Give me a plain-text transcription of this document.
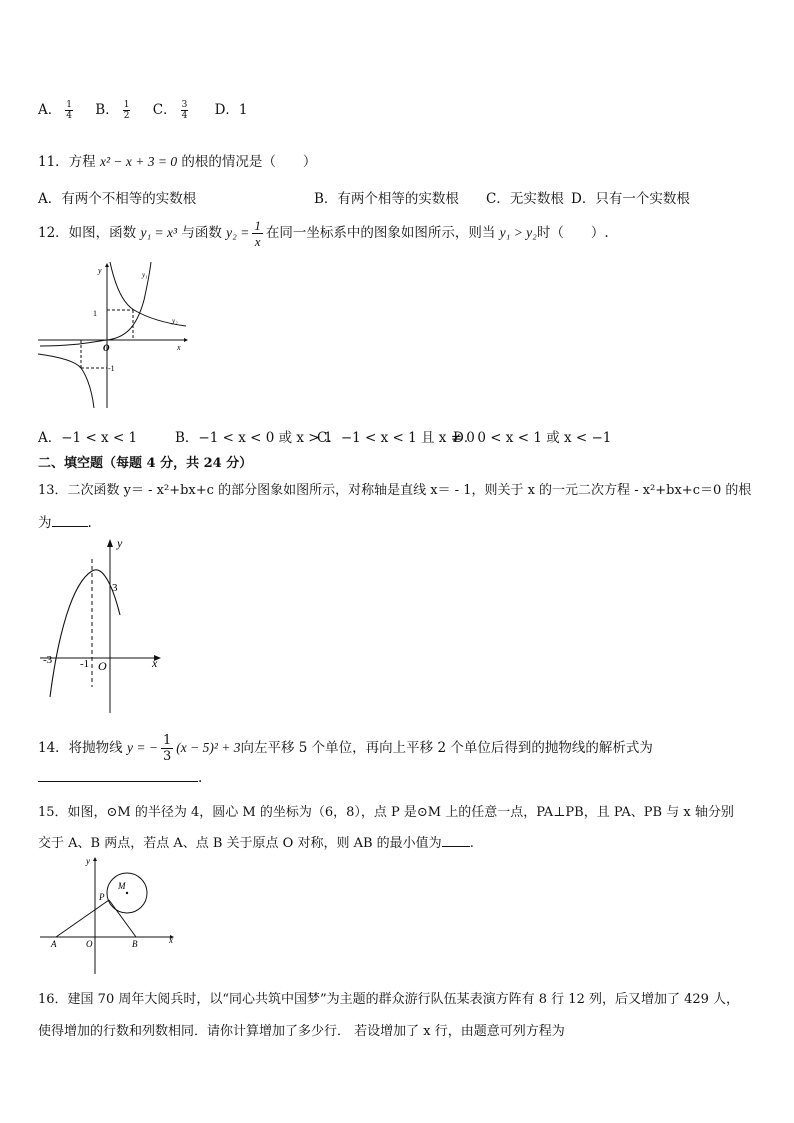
A． $\frac{1}{4}$ B． $\frac{1}{2}$ C． $\frac{3}{4}$ D．1
11．方程 x² − x + 3 = 0 的根的情况是（　　）
A．有两个不相等的实数根	B．有两个相等的实数根 C．无实数根 D．只有一个实数根
12．如图，函数 y₁ = x³ 与函数 $y_2 = \frac{1}{x}$ 在同一坐标系中的图象如图所示，则当 y₁ > y₂时（　　）.
y
x
O
1
-1
y₁
y₂
A．−1 < x < 1	B．−1 < x < 0 或 x > 1
C．−1 < x < 1 且 x ≠ 0
D．0 < x < 1 或 x < −1
二、填空题（每题 4 分，共 24 分）
13．二次函数 y＝ - x²+bx+c 的部分图象如图所示，对称轴是直线 x＝ - 1，则关于 x 的一元二次方程 - x²+bx+c＝0 的根
为	.
y
x
O
3
-3	-1
14．将抛物线 y = − $\frac{1}{3} (x - 5)^2 + 3$向左平移 5 个单位，再向上平移 2 个单位后得到的抛物线的解析式为
.
15．如图，⊙M 的半径为 4，圆心 M 的坐标为（6，8），点 P 是⊙M 上的任意一点，PA⊥PB，且 PA、PB 与 x 轴分别
交于 A、B 两点，若点 A、点 B 关于原点 O 对称，则 AB 的最小值为 .
y
x
O
M
P
A	B
16．建国 70 周年大阅兵时，以“同心共筑中国梦”为主题的群众游行队伍某表演方阵有 8 行 12 列，后又增加了 429 人，
使得增加的行数和列数相同．请你计算增加了多少行． 若设增加了 x 行，由题意可列方程为
